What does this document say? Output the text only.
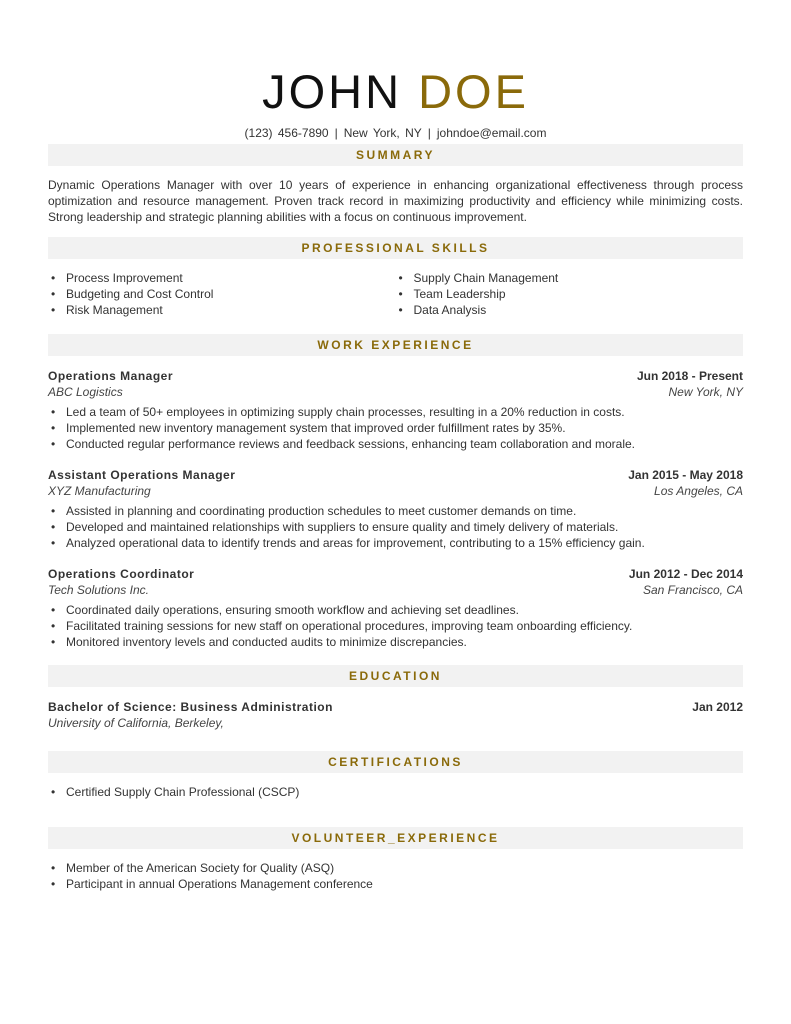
JOHN DOE
(123) 456-7890 | New York, NY | johndoe@email.com
SUMMARY

Dynamic Operations Manager with over 10 years of experience in enhancing organizational effectiveness through process optimization and resource management. Proven track record in maximizing productivity and efficiency while minimizing costs. Strong leadership and strategic planning abilities with a focus on continuous improvement.

PROFESSIONAL SKILLS
• Process Improvement
• Budgeting and Cost Control
• Risk Management
• Supply Chain Management
• Team Leadership
• Data Analysis
WORK EXPERIENCE
Operations Manager	Jun 2018 - Present
ABC Logistics	New York, NY
• Led a team of 50+ employees in optimizing supply chain processes, resulting in a 20% reduction in costs.
• Implemented new inventory management system that improved order fulfillment rates by 35%.
• Conducted regular performance reviews and feedback sessions, enhancing team collaboration and morale.
Assistant Operations Manager	Jan 2015 - May 2018
XYZ Manufacturing	Los Angeles, CA
• Assisted in planning and coordinating production schedules to meet customer demands on time.
• Developed and maintained relationships with suppliers to ensure quality and timely delivery of materials.
• Analyzed operational data to identify trends and areas for improvement, contributing to a 15% efficiency gain.
Operations Coordinator	Jun 2012 - Dec 2014
Tech Solutions Inc.	San Francisco, CA
• Coordinated daily operations, ensuring smooth workflow and achieving set deadlines.
• Facilitated training sessions for new staff on operational procedures, improving team onboarding efficiency.
• Monitored inventory levels and conducted audits to minimize discrepancies.
EDUCATION
Bachelor of Science: Business Administration	Jan 2012
University of California, Berkeley,
CERTIFICATIONS
• Certified Supply Chain Professional (CSCP)
VOLUNTEER_EXPERIENCE
• Member of the American Society for Quality (ASQ)
• Participant in annual Operations Management conference
